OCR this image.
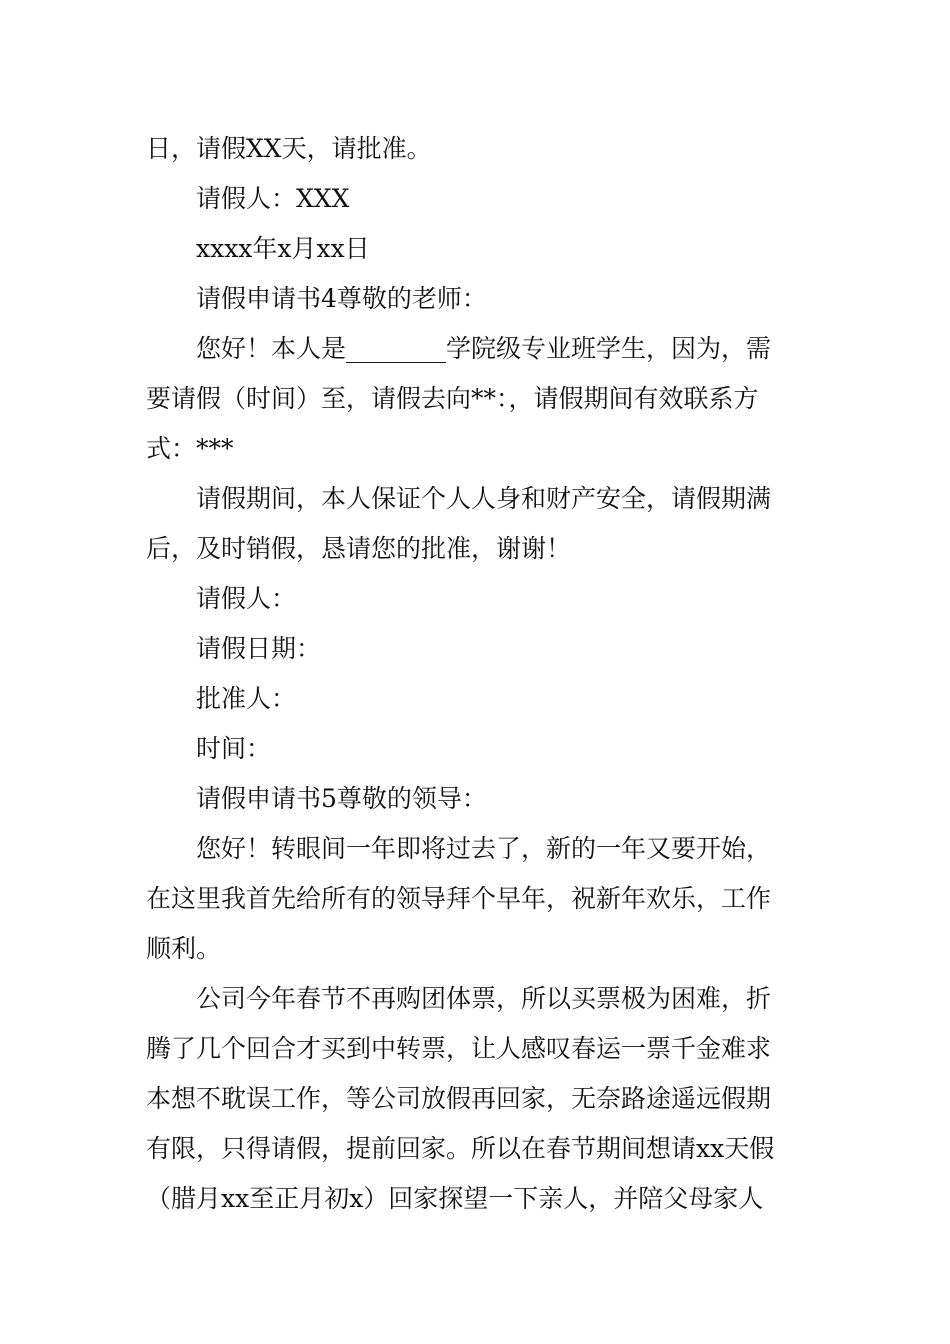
日，请假XX天，请批准。
请假人：XXX
xxxx年x月xx日
请假申请书4尊敬的老师：
您好！本人是________学院级专业班学生，因为，需
要请假（时间）至，请假去向**：，请假期间有效联系方
式：***
请假期间，本人保证个人人身和财产安全，请假期满
后，及时销假，恳请您的批准，谢谢！
请假人：
请假日期：
批准人：
时间：
请假申请书5尊敬的领导：
您好！转眼间一年即将过去了，新的一年又要开始，
在这里我首先给所有的领导拜个早年，祝新年欢乐，工作
顺利。
公司今年春节不再购团体票，所以买票极为困难，折
腾了几个回合才买到中转票，让人感叹春运一票千金难求
本想不耽误工作，等公司放假再回家，无奈路途遥远假期
有限，只得请假，提前回家。所以在春节期间想请xx天假
（腊月xx至正月初x）回家探望一下亲人，并陪父母家人
